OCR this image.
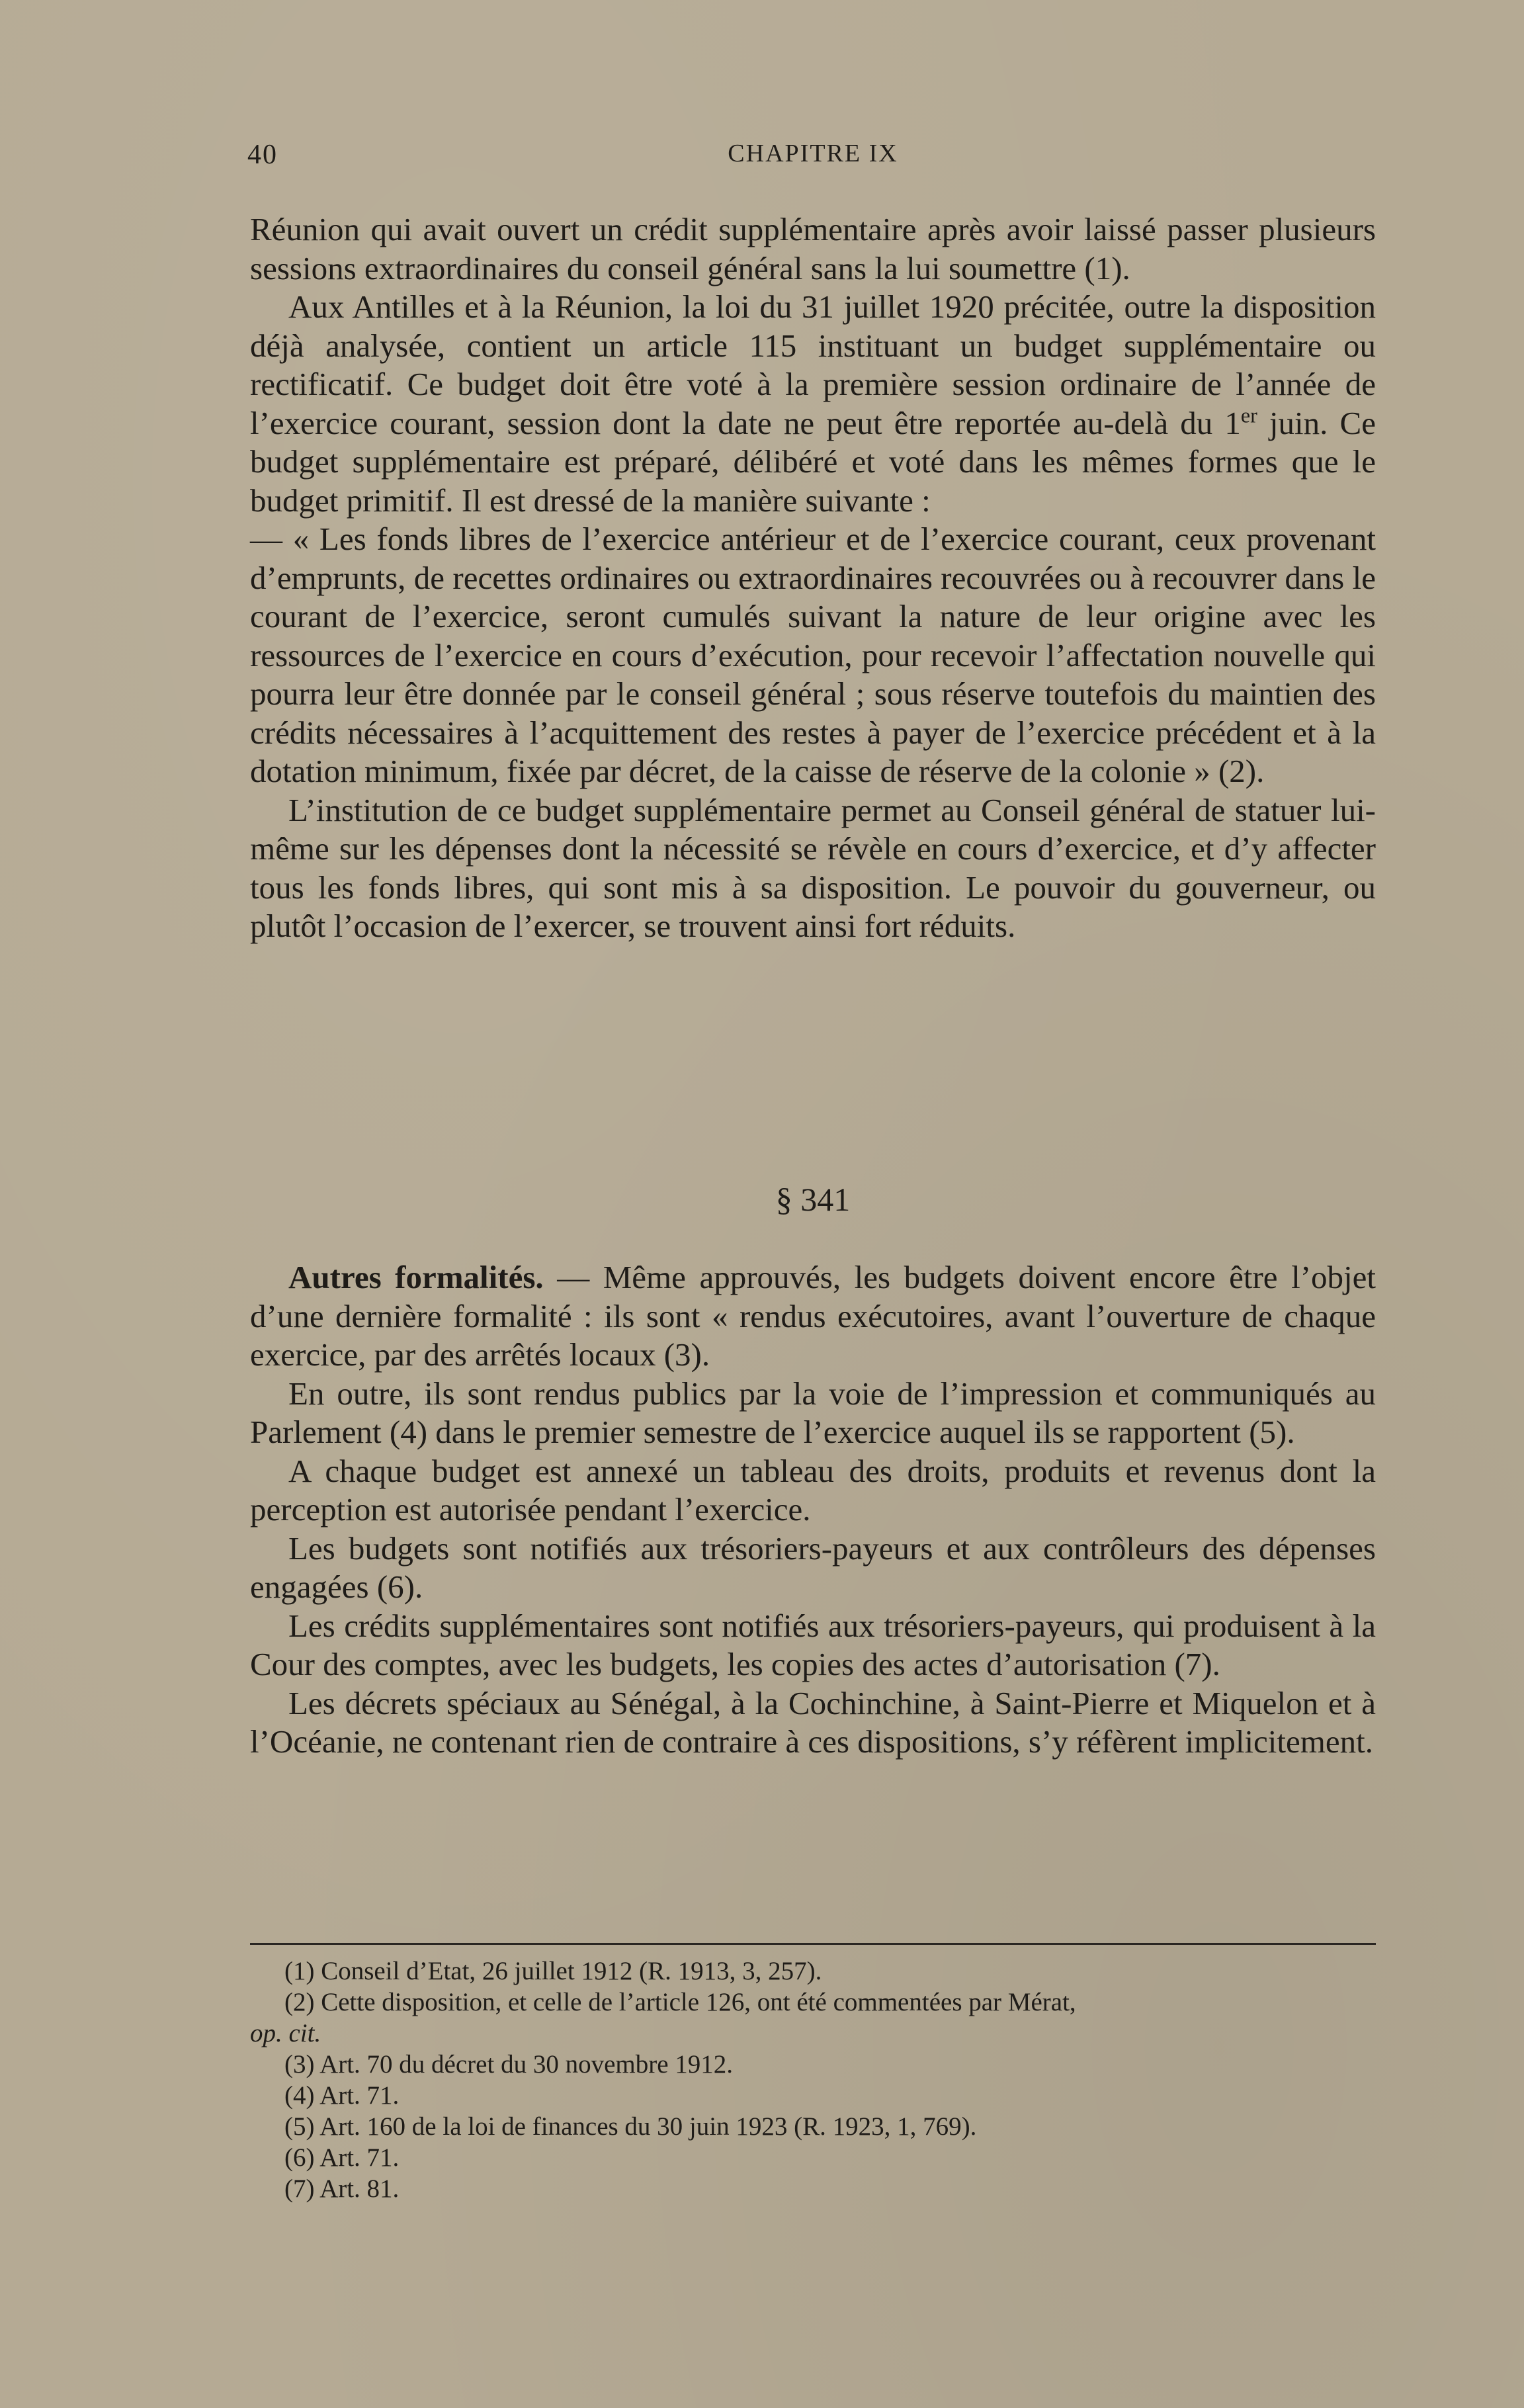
40	CHAPITRE IX

Réunion qui avait ouvert un crédit supplémentaire après avoir laissé passer plusieurs sessions extraordinaires du conseil général sans la lui soumettre (1).

Aux Antilles et à la Réunion, la loi du 31 juillet 1920 précitée, outre la disposition déjà analysée, contient un article 115 instituant un budget supplémentaire ou rectificatif. Ce budget doit être voté à la première session ordinaire de l’année de l’exercice courant, session dont la date ne peut être reportée au-delà du 1er juin. Ce budget supplémentaire est préparé, délibéré et voté dans les mêmes formes que le budget primitif. Il est dressé de la manière suivante :

— « Les fonds libres de l’exercice antérieur et de l’exercice courant, ceux provenant d’emprunts, de recettes ordinaires ou extraordinaires recouvrées ou à recouvrer dans le courant de l’exercice, seront cumulés suivant la nature de leur origine avec les ressources de l’exercice en cours d’exécution, pour recevoir l’affectation nouvelle qui pourra leur être donnée par le conseil général ; sous réserve toutefois du maintien des crédits nécessaires à l’acquittement des restes à payer de l’exercice précédent et à la dotation minimum, fixée par décret, de la caisse de réserve de la colonie » (2).

L’institution de ce budget supplémentaire permet au Conseil général de statuer lui-même sur les dépenses dont la nécessité se révèle en cours d’exercice, et d’y affecter tous les fonds libres, qui sont mis à sa disposition. Le pouvoir du gouverneur, ou plutôt l’occasion de l’exercer, se trouvent ainsi fort réduits.

§ 341

Autres formalités. — Même approuvés, les budgets doivent encore être l’objet d’une dernière formalité : ils sont « rendus exécutoires, avant l’ouverture de chaque exercice, par des arrêtés locaux (3).

En outre, ils sont rendus publics par la voie de l’impression et communiqués au Parlement (4) dans le premier semestre de l’exercice auquel ils se rapportent (5).

A chaque budget est annexé un tableau des droits, produits et revenus dont la perception est autorisée pendant l’exercice.

Les budgets sont notifiés aux trésoriers-payeurs et aux contrôleurs des dépenses engagées (6).

Les crédits supplémentaires sont notifiés aux trésoriers-payeurs, qui produisent à la Cour des comptes, avec les budgets, les copies des actes d’autorisation (7).

Les décrets spéciaux au Sénégal, à la Cochinchine, à Saint-Pierre et Miquelon et à l’Océanie, ne contenant rien de contraire à ces dispositions, s’y réfèrent implicitement.

(1) Conseil d’Etat, 26 juillet 1912 (R. 1913, 3, 257).
(2) Cette disposition, et celle de l’article 126, ont été commentées par Mérat,
op. cit.
(3) Art. 70 du décret du 30 novembre 1912.
(4) Art. 71.
(5) Art. 160 de la loi de finances du 30 juin 1923 (R. 1923, 1, 769).
(6) Art. 71.
(7) Art. 81.
